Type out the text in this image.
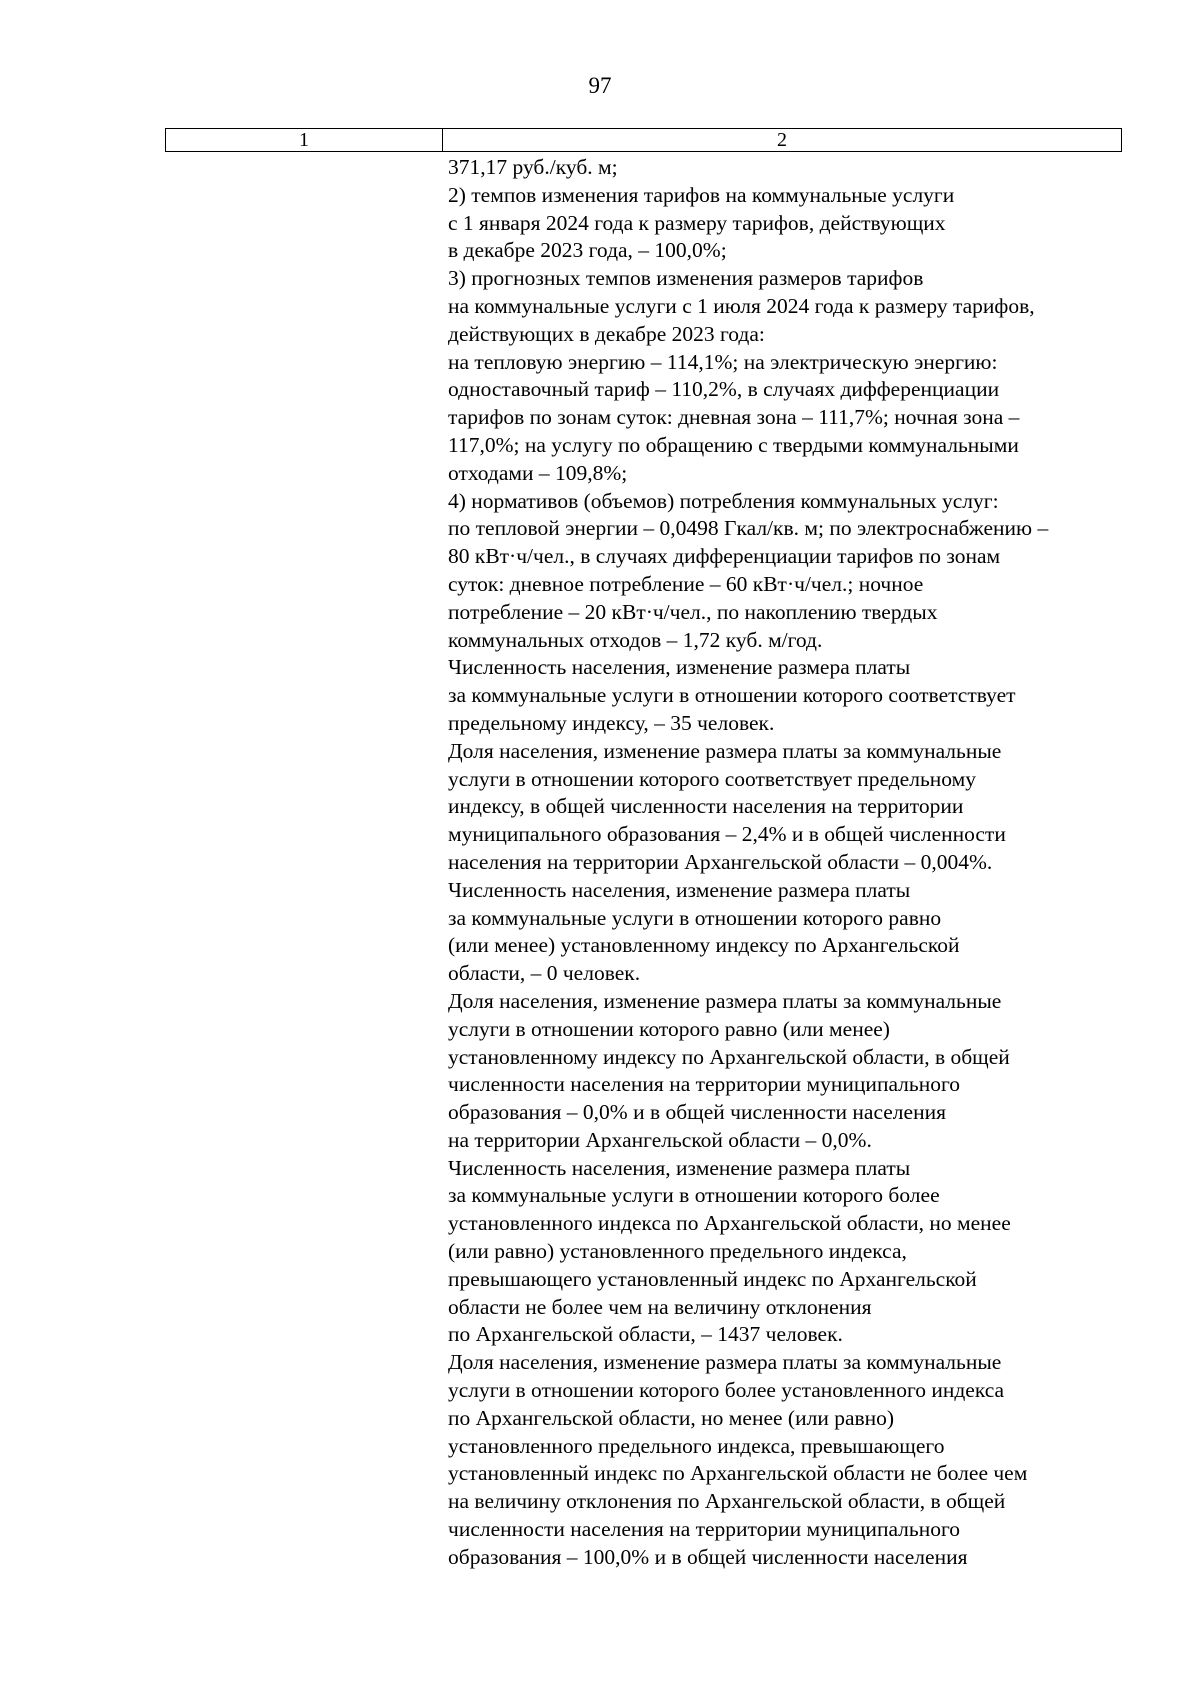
97
1	2
371,17 руб./куб. м;
2) темпов изменения тарифов на коммунальные услуги
с 1 января 2024 года к размеру тарифов, действующих
в декабре 2023 года, – 100,0%;
3) прогнозных темпов изменения размеров тарифов
на коммунальные услуги с 1 июля 2024 года к размеру тарифов,
действующих в декабре 2023 года:
на тепловую энергию – 114,1%; на электрическую энергию:
одноставочный тариф – 110,2%, в случаях дифференциации
тарифов по зонам суток: дневная зона – 111,7%; ночная зона –
117,0%; на услугу по обращению с твердыми коммунальными
отходами – 109,8%;
4) нормативов (объемов) потребления коммунальных услуг:
по тепловой энергии – 0,0498 Гкал/кв. м; по электроснабжению –
80 кВт·ч/чел., в случаях дифференциации тарифов по зонам
суток: дневное потребление – 60 кВт·ч/чел.; ночное
потребление – 20 кВт·ч/чел., по накоплению твердых
коммунальных отходов – 1,72 куб. м/год.
Численность населения, изменение размера платы
за коммунальные услуги в отношении которого соответствует
предельному индексу, – 35 человек.
Доля населения, изменение размера платы за коммунальные
услуги в отношении которого соответствует предельному
индексу, в общей численности населения на территории
муниципального образования – 2,4% и в общей численности
населения на территории Архангельской области – 0,004%.
Численность населения, изменение размера платы
за коммунальные услуги в отношении которого равно
(или менее) установленному индексу по Архангельской
области, – 0 человек.
Доля населения, изменение размера платы за коммунальные
услуги в отношении которого равно (или менее)
установленному индексу по Архангельской области, в общей
численности населения на территории муниципального
образования – 0,0% и в общей численности населения
на территории Архангельской области – 0,0%.
Численность населения, изменение размера платы
за коммунальные услуги в отношении которого более
установленного индекса по Архангельской области, но менее
(или равно) установленного предельного индекса,
превышающего установленный индекс по Архангельской
области не более чем на величину отклонения
по Архангельской области, – 1437 человек.
Доля населения, изменение размера платы за коммунальные
услуги в отношении которого более установленного индекса
по Архангельской области, но менее (или равно)
установленного предельного индекса, превышающего
установленный индекс по Архангельской области не более чем
на величину отклонения по Архангельской области, в общей
численности населения на территории муниципального
образования – 100,0% и в общей численности населения
